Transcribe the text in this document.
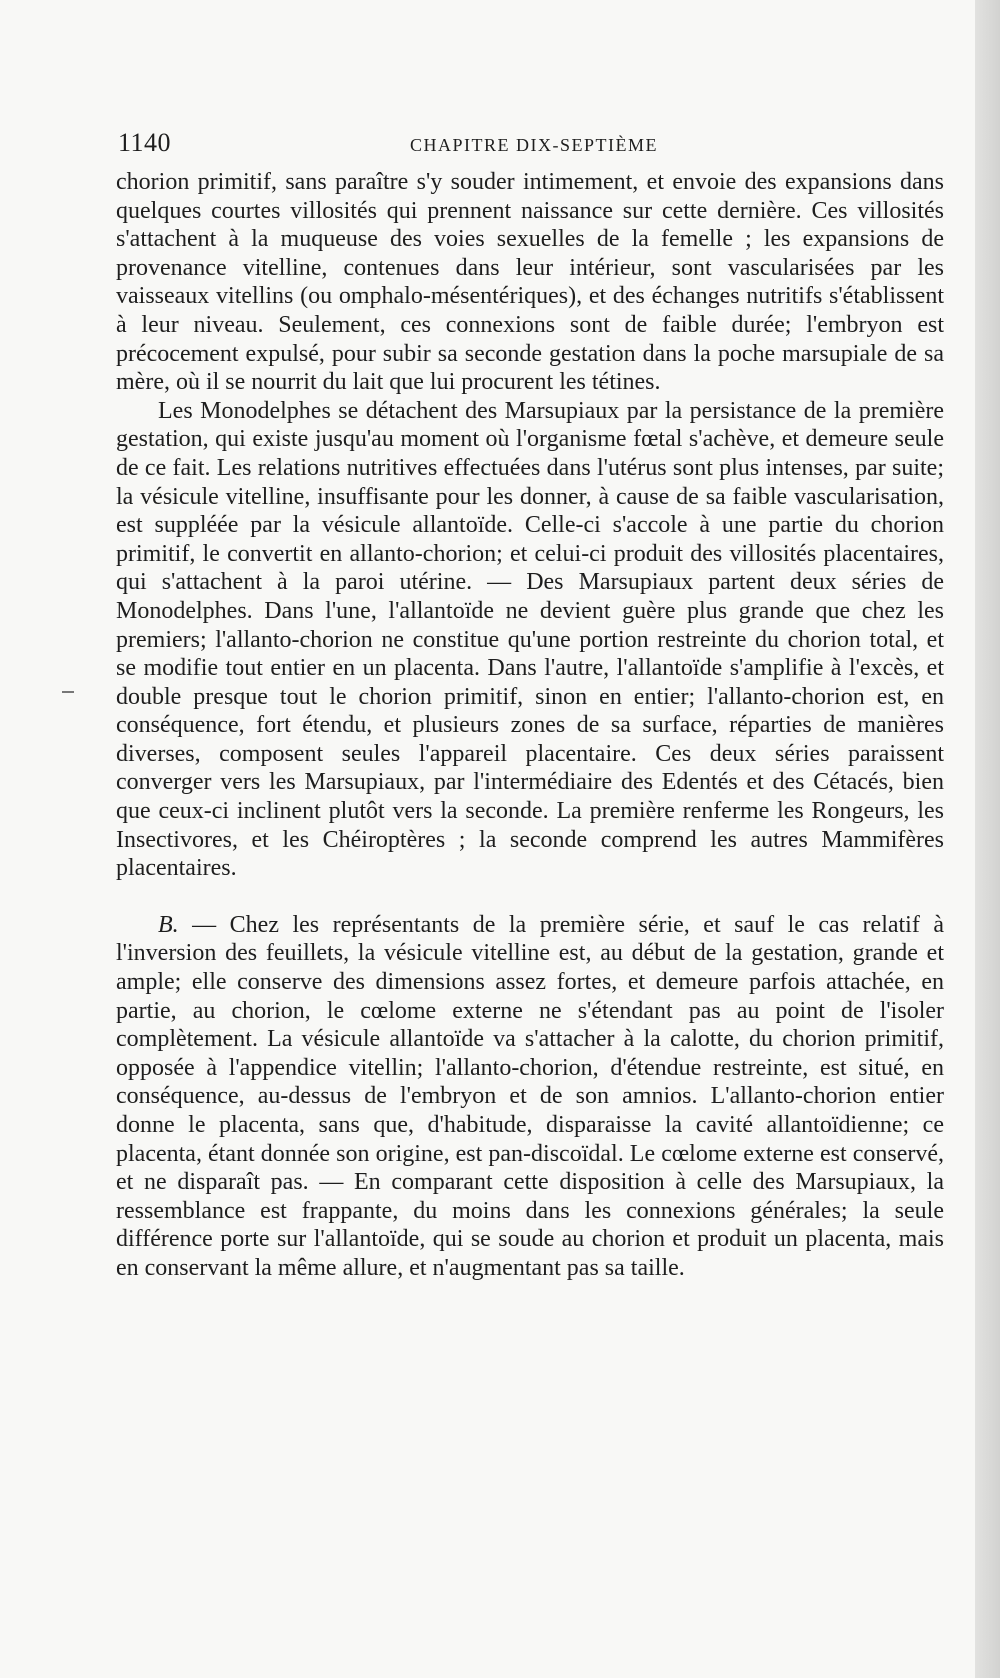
1140	CHAPITRE DIX-SEPTIÈME

chorion primitif, sans paraître s'y souder intimement, et envoie des expansions dans quelques courtes villosités qui prennent naissance sur cette dernière. Ces villosités s'attachent à la muqueuse des voies sexuelles de la femelle ; les expansions de provenance vitelline, contenues dans leur intérieur, sont vascularisées par les vaisseaux vitellins (ou omphalo-mésentériques), et des échanges nutritifs s'établissent à leur niveau. Seulement, ces connexions sont de faible durée; l'embryon est précocement expulsé, pour subir sa seconde gestation dans la poche marsupiale de sa mère, où il se nourrit du lait que lui procurent les tétines.

Les Monodelphes se détachent des Marsupiaux par la persistance de la première gestation, qui existe jusqu'au moment où l'organisme fœtal s'achève, et demeure seule de ce fait. Les relations nutritives effectuées dans l'utérus sont plus intenses, par suite; la vésicule vitelline, insuffisante pour les donner, à cause de sa faible vascularisation, est suppléée par la vésicule allantoïde. Celle-ci s'accole à une partie du chorion primitif, le convertit en allanto-chorion; et celui-ci produit des villosités placentaires, qui s'attachent à la paroi utérine. — Des Marsupiaux partent deux séries de Monodelphes. Dans l'une, l'allantoïde ne devient guère plus grande que chez les premiers; l'allanto-chorion ne constitue qu'une portion restreinte du chorion total, et se modifie tout entier en un placenta. Dans l'autre, l'allantoïde s'amplifie à l'excès, et double presque tout le chorion primitif, sinon en entier; l'allanto-chorion est, en conséquence, fort étendu, et plusieurs zones de sa surface, réparties de manières diverses, composent seules l'appareil placentaire. Ces deux séries paraissent converger vers les Marsupiaux, par l'intermédiaire des Edentés et des Cétacés, bien que ceux-ci inclinent plutôt vers la seconde. La première renferme les Rongeurs, les Insectivores, et les Chéiroptères ; la seconde comprend les autres Mammifères placentaires.

B. — Chez les représentants de la première série, et sauf le cas relatif à l'inversion des feuillets, la vésicule vitelline est, au début de la gestation, grande et ample; elle conserve des dimensions assez fortes, et demeure parfois attachée, en partie, au chorion, le cœlome externe ne s'étendant pas au point de l'isoler complètement. La vésicule allantoïde va s'attacher à la calotte, du chorion primitif, opposée à l'appendice vitellin; l'allanto-chorion, d'étendue restreinte, est situé, en conséquence, au-dessus de l'embryon et de son amnios. L'allanto-chorion entier donne le placenta, sans que, d'habitude, disparaisse la cavité allantoïdienne; ce placenta, étant donnée son origine, est pan-discoïdal. Le cœlome externe est conservé, et ne disparaît pas. — En comparant cette disposition à celle des Marsupiaux, la ressemblance est frappante, du moins dans les connexions générales; la seule différence porte sur l'allantoïde, qui se soude au chorion et produit un placenta, mais en conservant la même allure, et n'augmentant pas sa taille.
